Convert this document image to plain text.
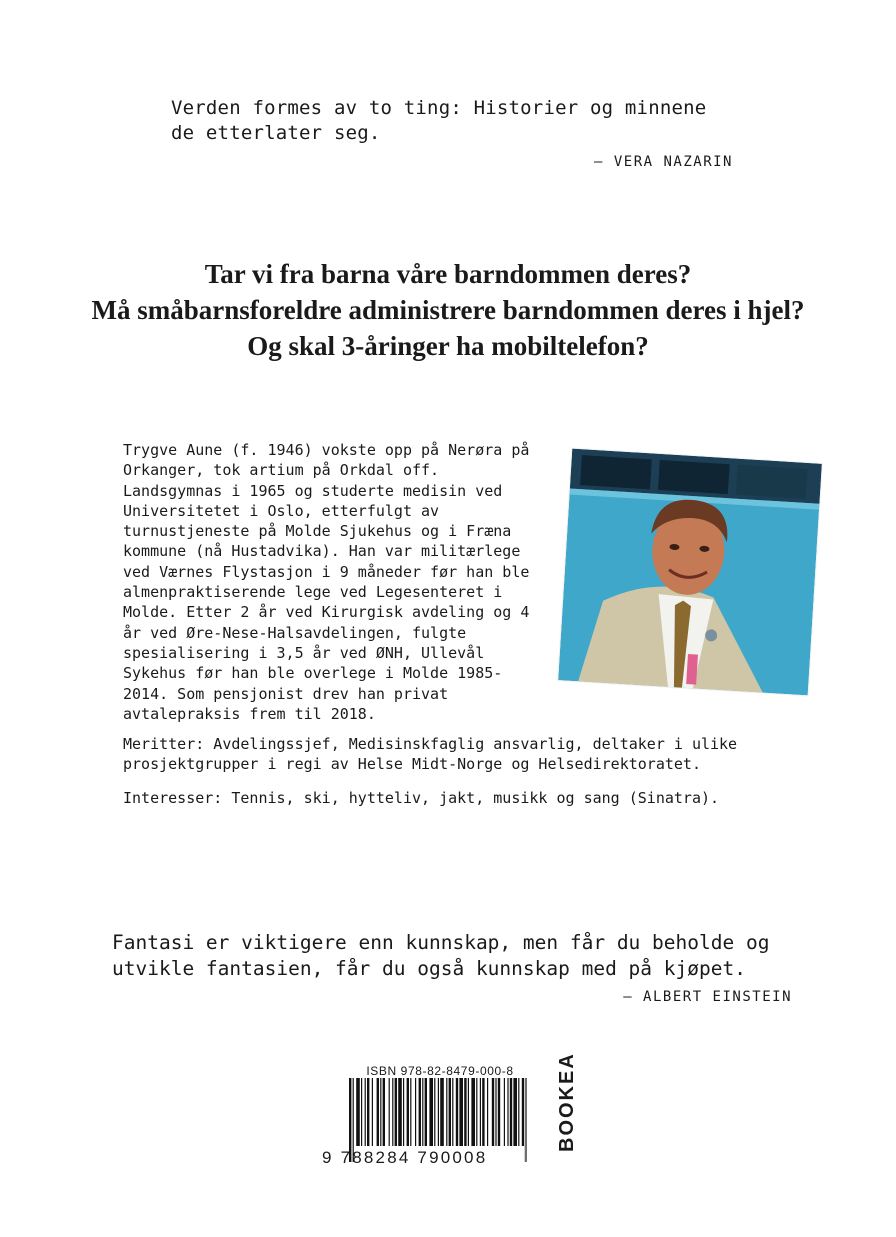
Verden formes av to ting: Historier og minnene de etterlater seg.
– VERA NAZARIN
Tar vi fra barna våre barndommen deres?
Må småbarnsforeldre administrere barndommen deres i hjel?
Og skal 3-åringer ha mobiltelefon?
Trygve Aune (f. 1946) vokste opp på Nerøra på Orkanger, tok artium på Orkdal off. Landsgymnas i 1965 og studerte medisin ved Universitetet i Oslo, etterfulgt av turnustjeneste på Molde Sjukehus og i Fræna kommune (nå Hustadvika). Han var militærlege ved Værnes Flystasjon i 9 måneder før han ble almenpraktiserende lege ved Legesenteret i Molde. Etter 2 år ved Kirurgisk avdeling og 4 år ved Øre-Nese-Halsavdelingen, fulgte spesialisering i 3,5 år ved ØNH, Ullevål Sykehus før han ble overlege i Molde 1985-2014. Som pensjonist drev han privat avtalepraksis frem til 2018.
Meritter: Avdelingssjef, Medisinskfaglig ansvarlig, deltaker i ulike prosjektgrupper i regi av Helse Midt-Norge og Helsedirektoratet.
Interesser: Tennis, ski, hytteliv, jakt, musikk og sang (Sinatra).
Fantasi er viktigere enn kunnskap, men får du beholde og utvikle fantasien, får du også kunnskap med på kjøpet.
– ALBERT EINSTEIN
ISBN 978-82-8479-000-8
9 788284 790008
BOOKEA
